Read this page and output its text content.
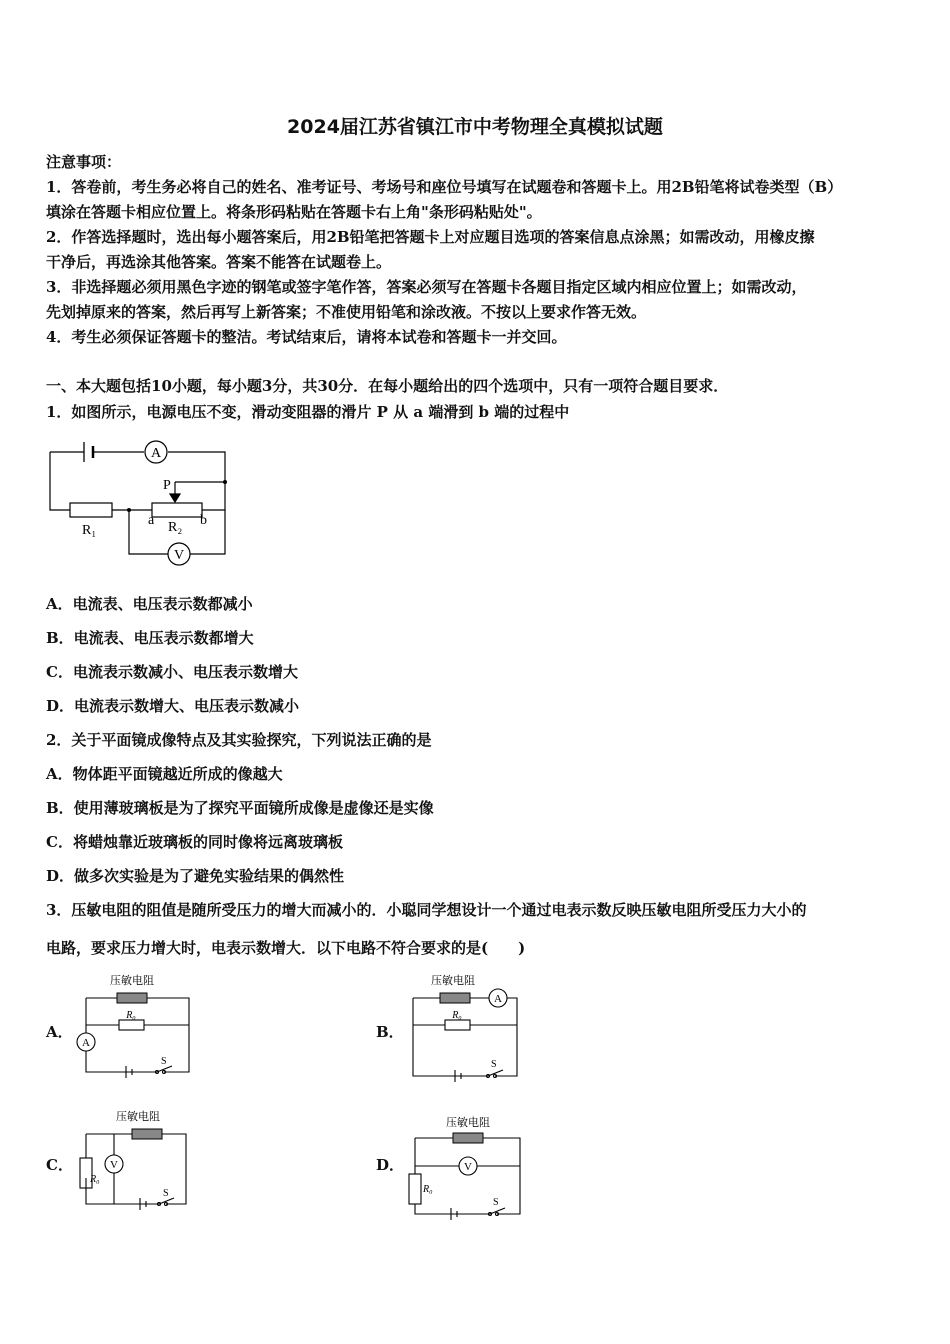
2024届江苏省镇江市中考物理全真模拟试题
注意事项：
1．答卷前，考生务必将自己的姓名、准考证号、考场号和座位号填写在试题卷和答题卡上。用2B铅笔将试卷类型（B）
填涂在答题卡相应位置上。将条形码粘贴在答题卡右上角"条形码粘贴处"。
2．作答选择题时，选出每小题答案后，用2B铅笔把答题卡上对应题目选项的答案信息点涂黑；如需改动，用橡皮擦
干净后，再选涂其他答案。答案不能答在试题卷上。
3．非选择题必须用黑色字迹的钢笔或签字笔作答，答案必须写在答题卡各题目指定区域内相应位置上；如需改动，
先划掉原来的答案，然后再写上新答案；不准使用铅笔和涂改液。不按以上要求作答无效。
4．考生必须保证答题卡的整洁。考试结束后，请将本试卷和答题卡一并交回。
一、本大题包括10小题，每小题3分，共30分．在每小题给出的四个选项中，只有一项符合题目要求．
1．如图所示，电源电压不变，滑动变阻器的滑片 P 从 a 端滑到 b 端的过程中
A
V
P
R₁	R₂
a	b
A．电流表、电压表示数都减小
B．电流表、电压表示数都增大
C．电流表示数减小、电压表示数增大
D．电流表示数增大、电压表示数减小
2．关于平面镜成像特点及其实验探究，下列说法正确的是
A．物体距平面镜越近所成的像越大
B．使用薄玻璃板是为了探究平面镜所成像是虚像还是实像
C．将蜡烛靠近玻璃板的同时像将远离玻璃板
D．做多次实验是为了避免实验结果的偶然性
3．压敏电阻的阻值是随所受压力的增大而减小的．小聪同学想设计一个通过电表示数反映压敏电阻所受压力大小的
电路，要求压力增大时，电表示数增大．以下电路不符合要求的是(　　)
A．	B．
C．	D．
压敏电阻
R₀
A
S
压敏电阻
R₀
A
S
压敏电阻
R₀
V
S
压敏电阻
R₀
V
S
